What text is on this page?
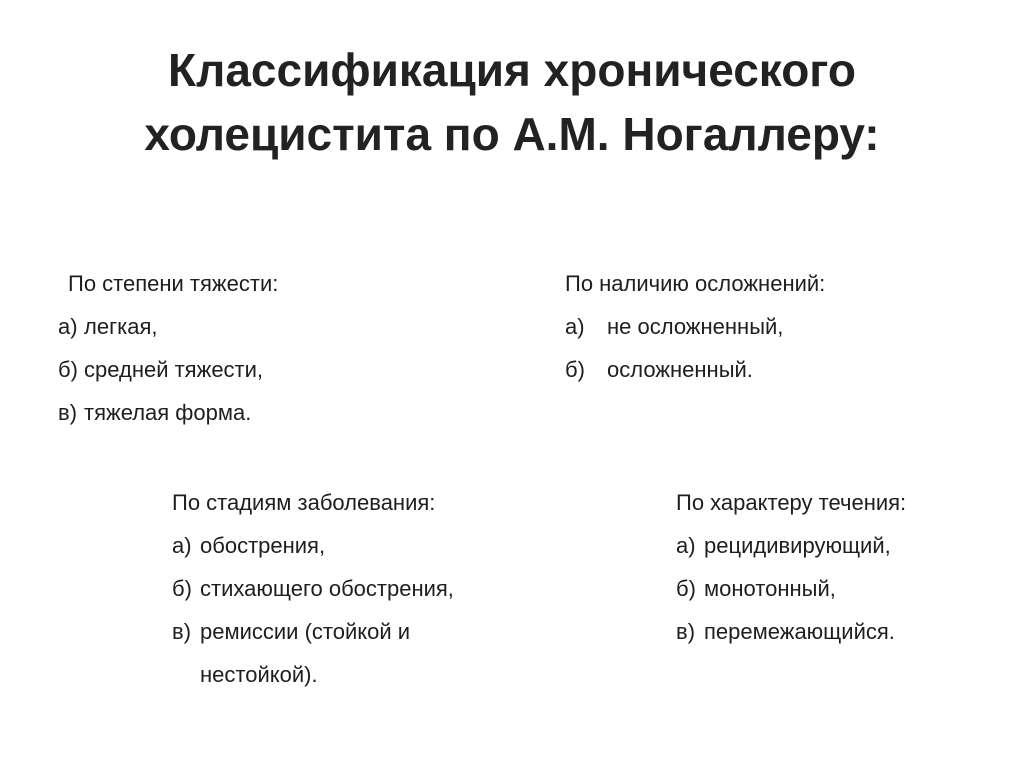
Классификация хронического
холецистита по А.М. Ногаллеру:
По степени тяжести:
а) легкая,
б) средней тяжести,
в) тяжелая форма.
По наличию осложнений:
а)	не осложненный,
б)	осложненный.
По стадиям заболевания:
а) обострения,
б) стихающего обострения,
в) ремиссии (стойкой и нестойкой).
По характеру течения:
а) рецидивирующий,
б) монотонный,
в) перемежающийся.
